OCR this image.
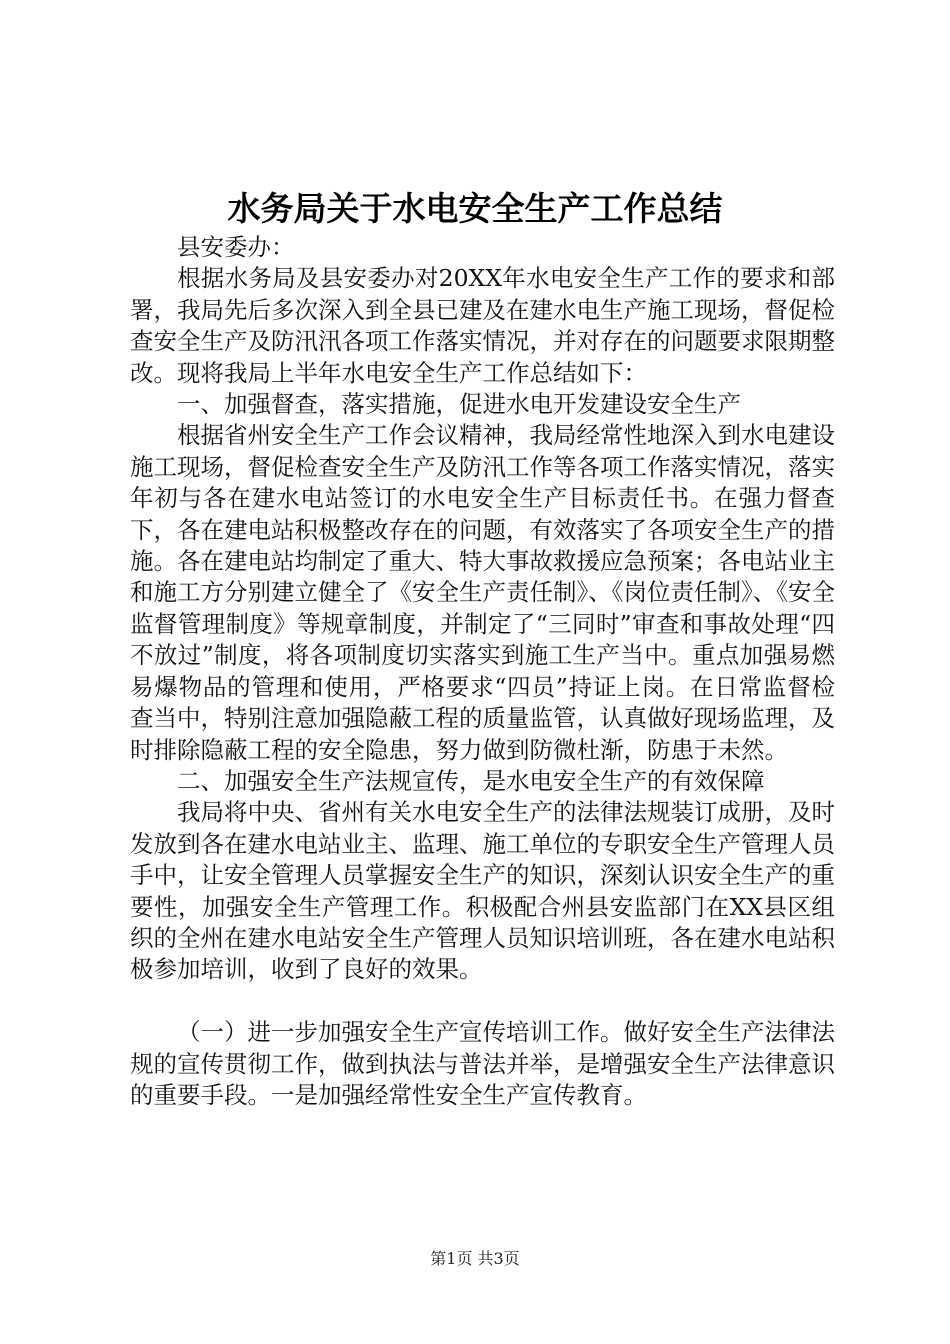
水务局关于水电安全生产工作总结

县安委办：

根据水务局及县安委办对20XX年水电安全生产工作的要求和部署，我局先后多次深入到全县已建及在建水电生产施工现场，督促检查安全生产及防汛汛各项工作落实情况，并对存在的问题要求限期整改。现将我局上半年水电安全生产工作总结如下：

一、加强督查，落实措施，促进水电开发建设安全生产

根据省州安全生产工作会议精神，我局经常性地深入到水电建设施工现场，督促检查安全生产及防汛工作等各项工作落实情况，落实年初与各在建水电站签订的水电安全生产目标责任书。在强力督查下，各在建电站积极整改存在的问题，有效落实了各项安全生产的措施。各在建电站均制定了重大、特大事故救援应急预案；各电站业主和施工方分别建立健全了《安全生产责任制》、《岗位责任制》、《安全监督管理制度》等规章制度，并制定了“三同时”审查和事故处理“四不放过”制度，将各项制度切实落实到施工生产当中。重点加强易燃易爆物品的管理和使用，严格要求“四员”持证上岗。在日常监督检查当中，特别注意加强隐蔽工程的质量监管，认真做好现场监理，及时排除隐蔽工程的安全隐患，努力做到防微杜渐，防患于未然。

二、加强安全生产法规宣传，是水电安全生产的有效保障

我局将中央、省州有关水电安全生产的法律法规装订成册，及时发放到各在建水电站业主、监理、施工单位的专职安全生产管理人员手中，让安全管理人员掌握安全生产的知识，深刻认识安全生产的重要性，加强安全生产管理工作。积极配合州县安监部门在XX县区组织的全州在建水电站安全生产管理人员知识培训班，各在建水电站积极参加培训，收到了良好的效果。

（一）进一步加强安全生产宣传培训工作。做好安全生产法律法规的宣传贯彻工作，做到执法与普法并举，是增强安全生产法律意识的重要手段。一是加强经常性安全生产宣传教育。

第1页 共3页
